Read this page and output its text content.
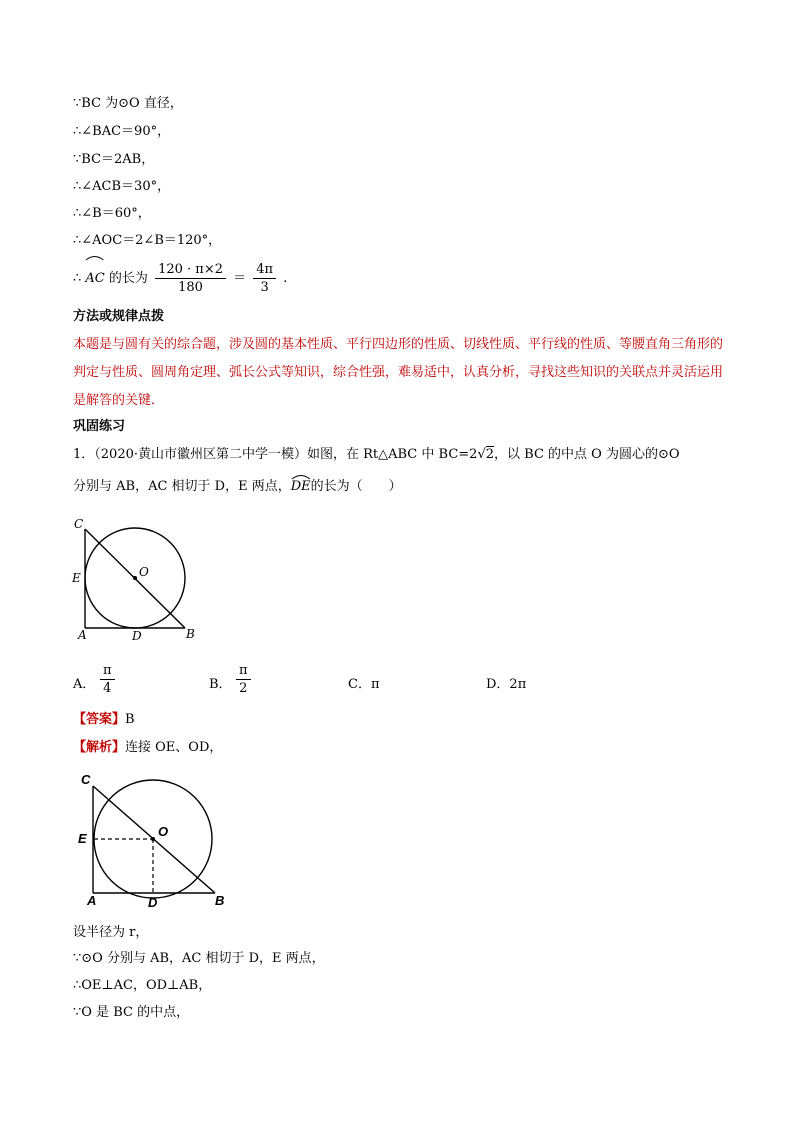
∵BC 为⊙O 直径，
∴∠BAC＝90°，
∵BC＝2AB，
∴∠ACB＝30°，
∴∠B＝60°，
∴∠AOC＝2∠B＝120°，
∴ AC 的长为 $\frac{120 \cdot \pi\times 2}{180} = \frac{4\pi}{3}$ .
方法或规律点拨
本题是与圆有关的综合题，涉及圆的基本性质、平行四边形的性质、切线性质、平行线的性质、等腰直角三角形的判定与性质、圆周角定理、弧长公式等知识，综合性强，难易适中，认真分析，寻找这些知识的关联点并灵活运用是解答的关键．
巩固练习
1．（2020·黄山市徽州区第二中学一模）如图，在 Rt△ABC 中 BC=2√2，以 BC 的中点 O 为圆心的⊙O
分别与 AB，AC 相切于 D，E 两点，
DE的长为（　　）
C
E
A	D	B
O
A． $\frac{\pi}{4}$	B． $\frac{\pi}{2}$	C．π	D．2π
【答案】B
【解析】连接 OE、OD，
C
E
A	D	B
O
设半径为 r，
∵⊙O 分别与 AB，AC 相切于 D，E 两点，
∴OE⊥AC，OD⊥AB，
∵O 是 BC 的中点，
